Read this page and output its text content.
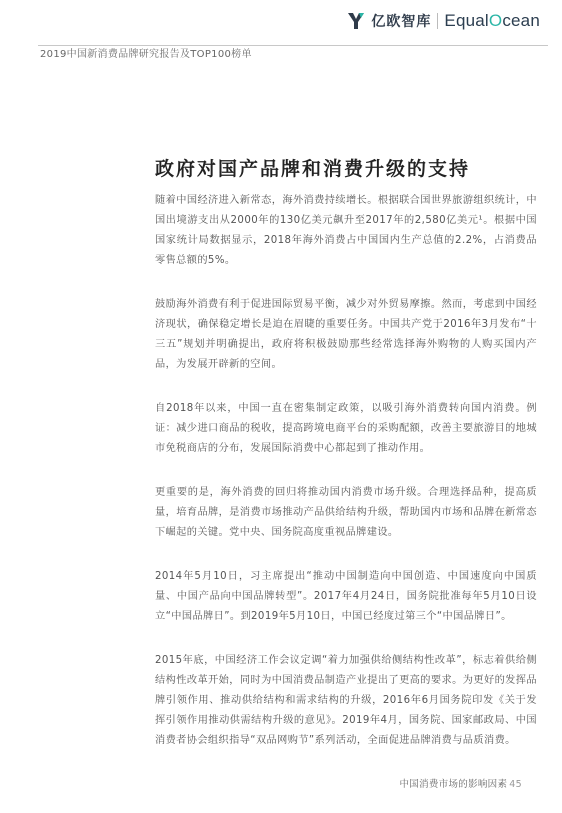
亿欧智库 EqualOcean
2019中国新消费品牌研究报告及TOP100榜单
政府对国产品牌和消费升级的支持

随着中国经济进入新常态，海外消费持续增长。根据联合国世界旅游组织统计，中国出境游支出从2000年的130亿美元飙升至2017年的2,580亿美元¹。根据中国国家统计局数据显示，2018年海外消费占中国国内生产总值的2.2%，占消费品零售总额的5%。

鼓励海外消费有利于促进国际贸易平衡，减少对外贸易摩擦。然而，考虑到中国经济现状，确保稳定增长是迫在眉睫的重要任务。中国共产党于2016年3月发布“十三五”规划并明确提出，政府将积极鼓励那些经常选择海外购物的人购买国内产品，为发展开辟新的空间。

自2018年以来，中国一直在密集制定政策，以吸引海外消费转向国内消费。例证：减少进口商品的税收，提高跨境电商平台的采购配额，改善主要旅游目的地城市免税商店的分布，发展国际消费中心都起到了推动作用。

更重要的是，海外消费的回归将推动国内消费市场升级。合理选择品种，提高质量，培育品牌，是消费市场推动产品供给结构升级，帮助国内市场和品牌在新常态下崛起的关键。党中央、国务院高度重视品牌建设。

2014年5月10日，习主席提出“推动中国制造向中国创造、中国速度向中国质量、中国产品向中国品牌转型”。2017年4月24日，国务院批准每年5月10日设立“中国品牌日”。到2019年5月10日，中国已经度过第三个“中国品牌日”。

2015年底，中国经济工作会议定调“着力加强供给侧结构性改革”，标志着供给侧结构性改革开始，同时为中国消费品制造产业提出了更高的要求。为更好的发挥品牌引领作用、推动供给结构和需求结构的升级，2016年6月国务院印发《关于发挥引领作用推动供需结构升级的意见》。2019年4月，国务院、国家邮政局、中国消费者协会组织指导“双品网购节”系列活动，全面促进品牌消费与品质消费。

中国消费市场的影响因素 45
